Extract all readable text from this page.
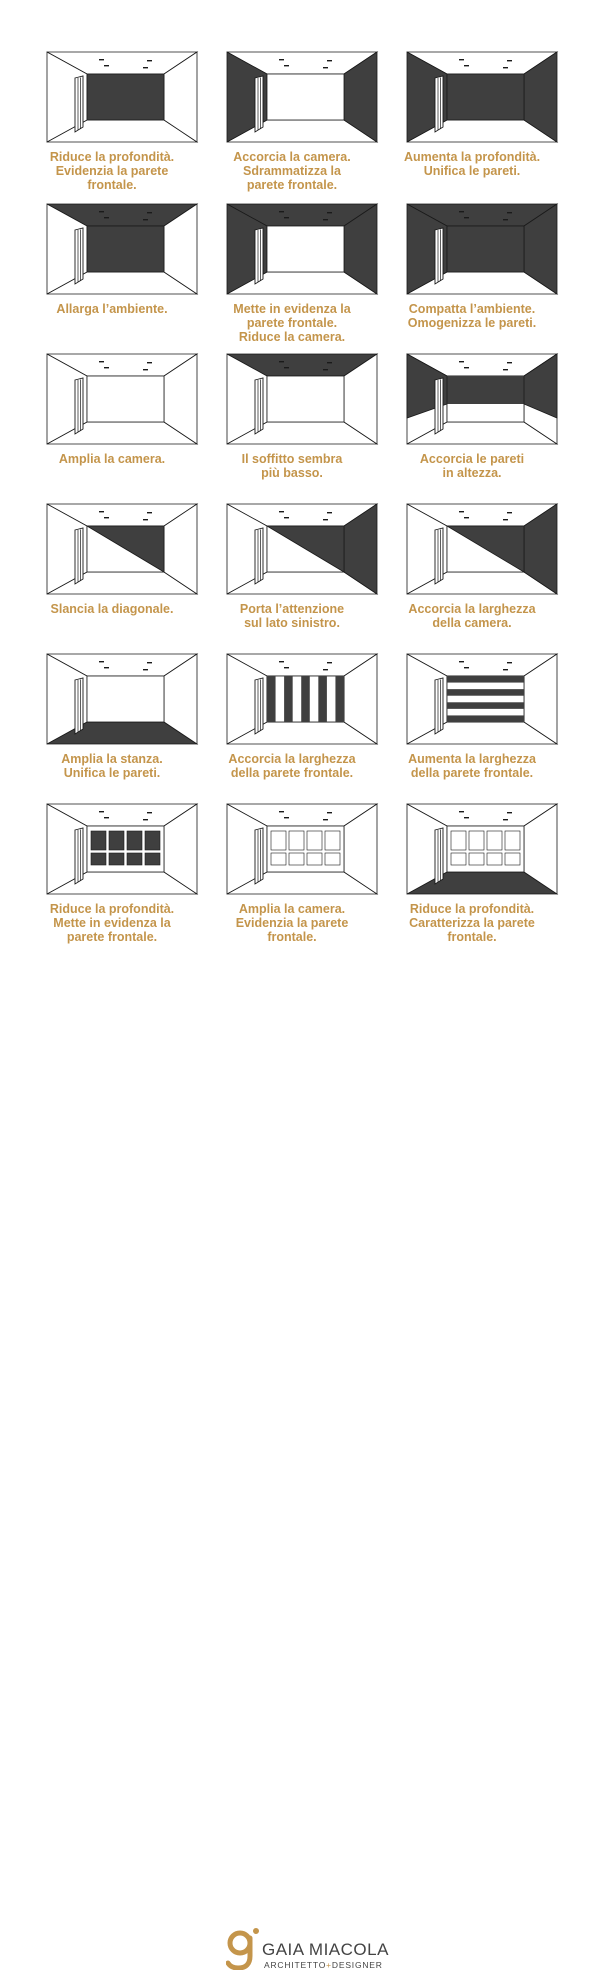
Riduce la profondità.
Evidenzia la parete
frontale.
Accorcia la camera.
Sdrammatizza la
parete frontale.
Aumenta la profondità.
Unifica le pareti.
Allarga l’ambiente.	Mette in evidenza la
parete frontale.
Riduce la camera.
Compatta l’ambiente.
Omogenizza le pareti.
Amplia la camera.	Il soffitto sembra
più basso.
Accorcia le pareti
in altezza.
Slancia la diagonale.	Porta l’attenzione
sul lato sinistro.
Accorcia la larghezza
della camera.
Amplia la stanza.
Unifica le pareti.
Accorcia la larghezza
della parete frontale.
Aumenta la larghezza
della parete frontale.
Riduce la profondità.
Mette in evidenza la
parete frontale.
Amplia la camera.
Evidenzia la parete
frontale.
Riduce la profondità.
Caratterizza la parete
frontale.
GAIA MIACOLA
ARCHITETTO+DESIGNER
